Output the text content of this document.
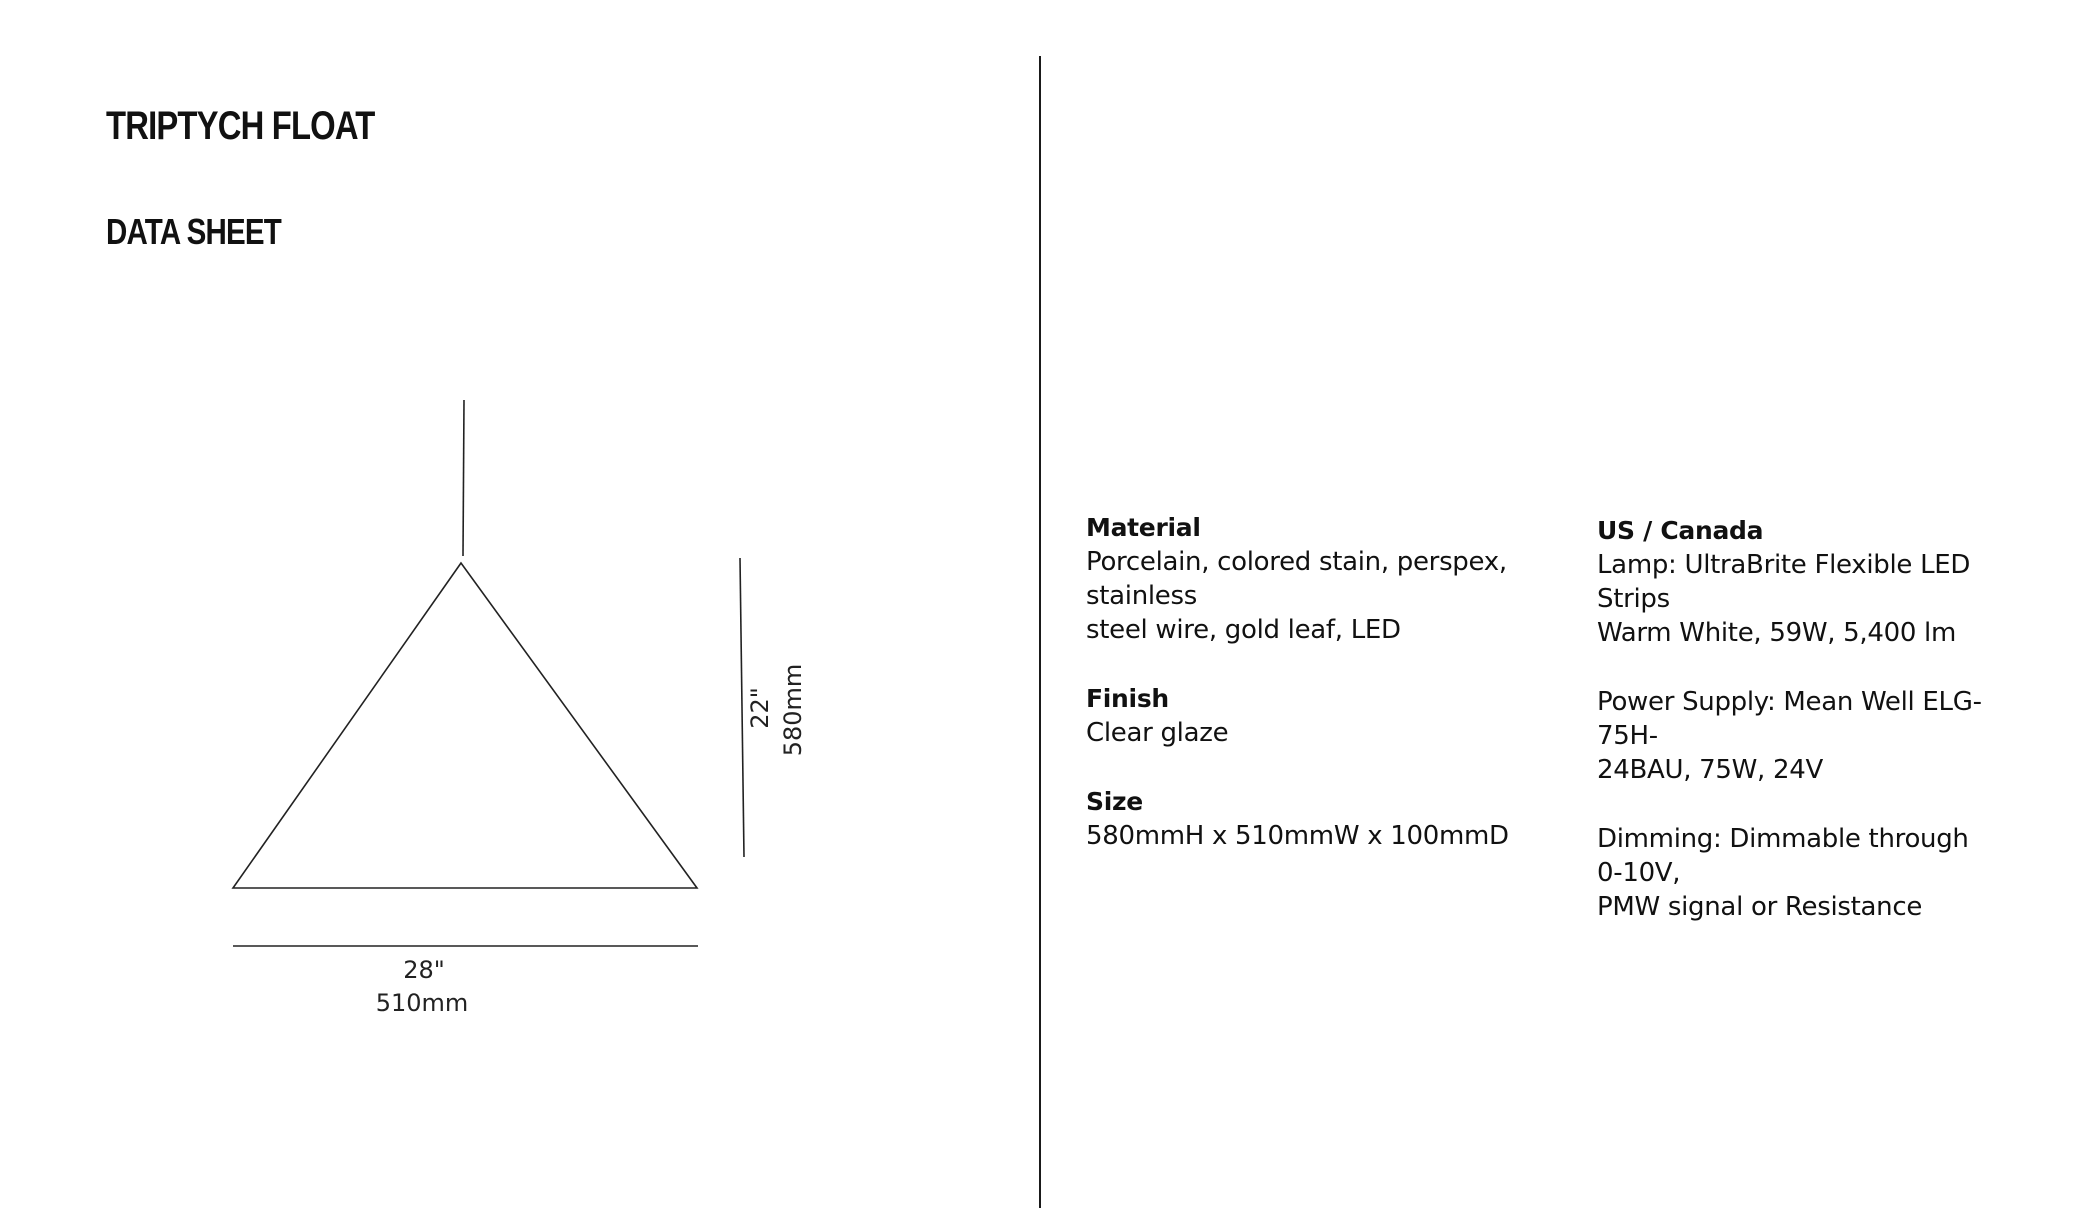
TRIPTYCH FLOAT
DATA SHEET
28"
510mm
22" 580mm
Material
Porcelain, colored stain, perspex, stainless
steel wire, gold leaf, LED
Finish
Clear glaze
Size
580mmH x 510mmW x 100mmD
US / Canada
Lamp: UltraBrite Flexible LED Strips
Warm White, 59W, 5,400 lm
Power Supply: Mean Well ELG-75H-
24BAU, 75W, 24V
Dimming: Dimmable through 0-10V,
PMW signal or Resistance
